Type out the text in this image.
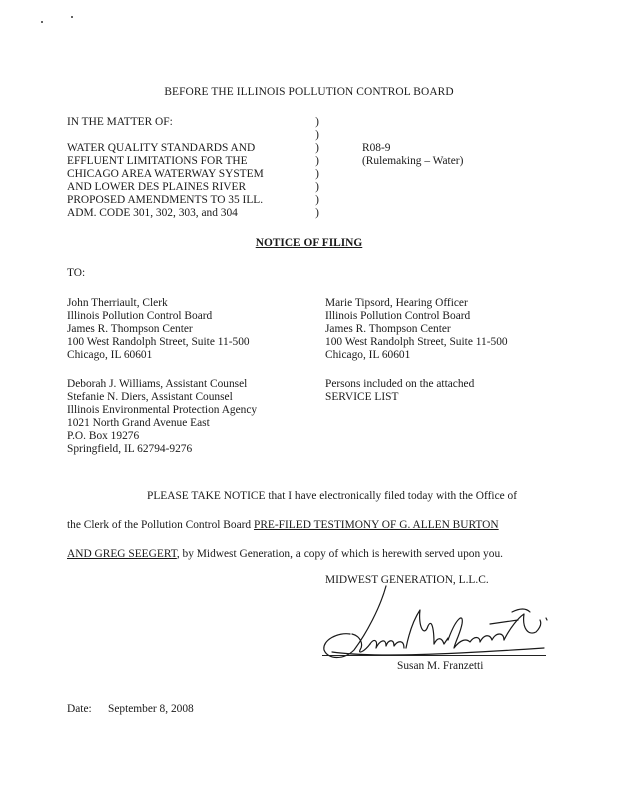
BEFORE THE ILLINOIS POLLUTION CONTROL BOARD
IN THE MATTER OF:
WATER QUALITY STANDARDS AND
EFFLUENT LIMITATIONS FOR THE
CHICAGO AREA WATERWAY SYSTEM
AND LOWER DES PLAINES RIVER
PROPOSED AMENDMENTS TO 35 ILL.
ADM. CODE 301, 302, 303, and 304
)
)
)
)
)
)
)
)
R08-9
(Rulemaking – Water)
NOTICE OF FILING
TO:
John Therriault, Clerk
Illinois Pollution Control Board
James R. Thompson Center
100 West Randolph Street, Suite 11-500
Chicago, IL 60601
Marie Tipsord, Hearing Officer
Illinois Pollution Control Board
James R. Thompson Center
100 West Randolph Street, Suite 11-500
Chicago, IL 60601
Deborah J. Williams, Assistant Counsel
Stefanie N. Diers, Assistant Counsel
Illinois Environmental Protection Agency
1021 North Grand Avenue East
P.O. Box 19276
Springfield, IL 62794-9276
Persons included on the attached
SERVICE LIST
PLEASE TAKE NOTICE that I have electronically filed today with the Office of
the Clerk of the Pollution Control Board PRE-FILED TESTIMONY OF G. ALLEN BURTON
AND GREG SEEGERT, by Midwest Generation, a copy of which is herewith served upon you.
MIDWEST GENERATION, L.L.C.
Susan M. Franzetti
Date: September 8, 2008
